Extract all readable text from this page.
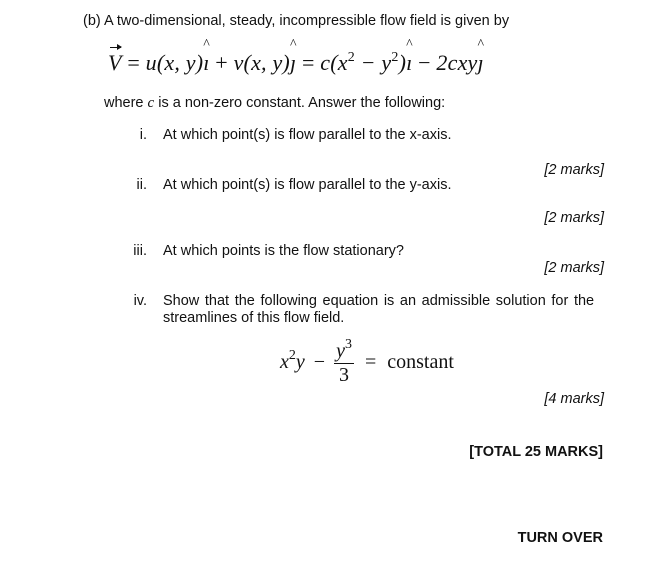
(b) A two-dimensional, steady, incompressible flow field is given by
V = u(x, y)^ ı + v(x, y)^ ȷ = $c(x^2$ − $y^2)\^{}$ ı − 2cxy^ ȷ
where c is a non-zero constant. Answer the following:
i. At which point(s) is flow parallel to the x-axis.
[2 marks]
ii. At which point(s) is flow parallel to the y-axis.
[2 marks]
iii. At which points is the flow stationary?
[2 marks]
iv. Show that the following equation is an admissible solution for the
streamlines of this flow field.
$x^2y - \frac{y^3}{3}$ = constant
[4 marks]
[TOTAL 25 MARKS]
TURN OVER
